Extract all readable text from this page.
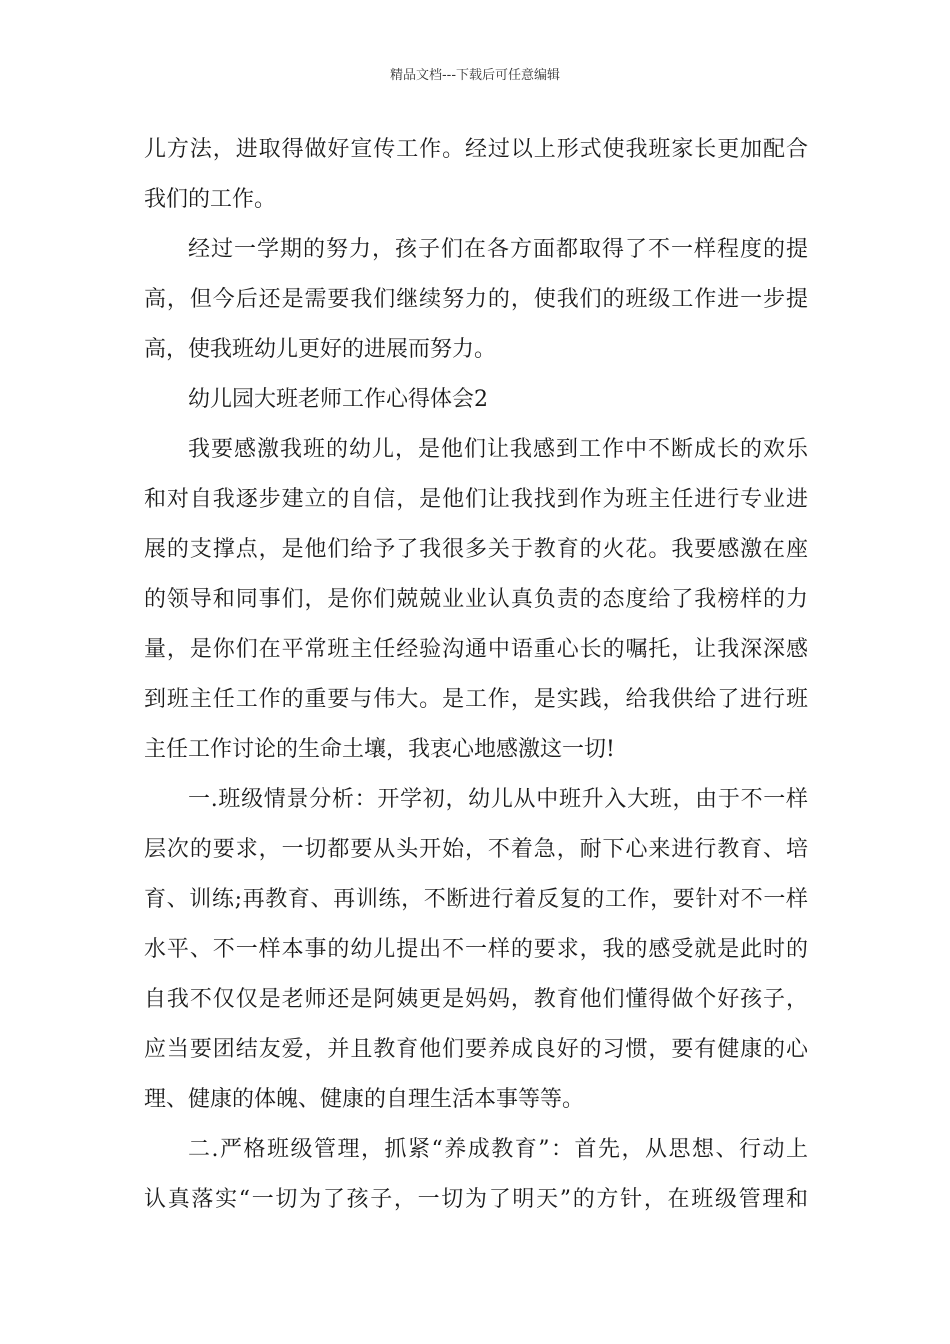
精品文档---下载后可任意编辑
儿方法，进取得做好宣传工作。经过以上形式使我班家长更加配合
我们的工作。
经过一学期的努力，孩子们在各方面都取得了不一样程度的提
高，但今后还是需要我们继续努力的，使我们的班级工作进一步提
高，使我班幼儿更好的进展而努力。
幼儿园大班老师工作心得体会2
我要感激我班的幼儿，是他们让我感到工作中不断成长的欢乐
和对自我逐步建立的自信，是他们让我找到作为班主任进行专业进
展的支撑点，是他们给予了我很多关于教育的火花。我要感激在座
的领导和同事们，是你们兢兢业业认真负责的态度给了我榜样的力
量，是你们在平常班主任经验沟通中语重心长的嘱托，让我深深感
到班主任工作的重要与伟大。是工作，是实践，给我供给了进行班
主任工作讨论的生命土壤，我衷心地感激这一切!
一.班级情景分析：开学初，幼儿从中班升入大班，由于不一样
层次的要求，一切都要从头开始，不着急，耐下心来进行教育、培
育、训练;再教育、再训练，不断进行着反复的工作，要针对不一样
水平、不一样本事的幼儿提出不一样的要求，我的感受就是此时的
自我不仅仅是老师还是阿姨更是妈妈，教育他们懂得做个好孩子，
应当要团结友爱，并且教育他们要养成良好的习惯，要有健康的心
理、健康的体魄、健康的自理生活本事等等。
二.严格班级管理，抓紧“养成教育”：首先，从思想、行动上
认真落实“一切为了孩子，一切为了明天”的方针，在班级管理和
